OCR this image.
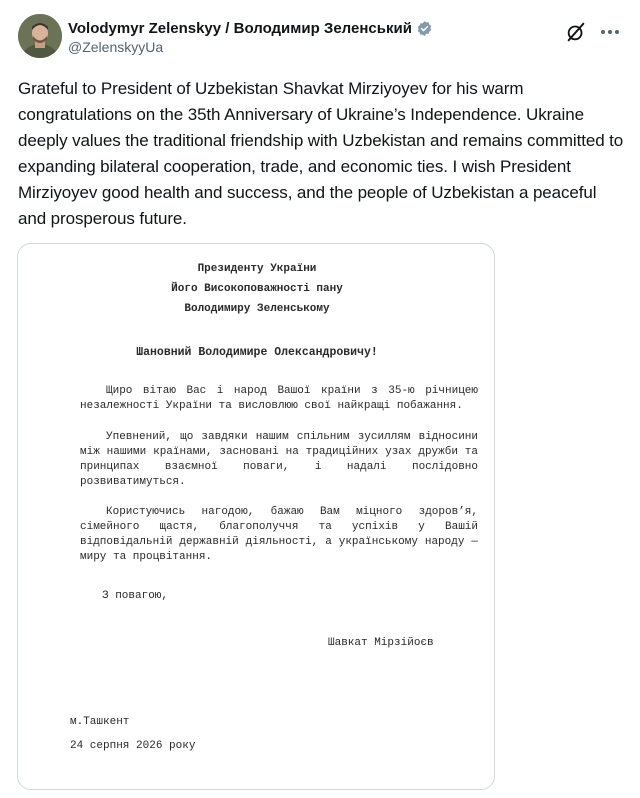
Volodymyr Zelenskyy / Володимир Зеленський
@ZelenskyyUa
Grateful to President of Uzbekistan Shavkat Mirziyoyev for his warm congratulations on the 35th Anniversary of Ukraine’s Independence. Ukraine deeply values the traditional friendship with Uzbekistan and remains committed to expanding bilateral cooperation, trade, and economic ties. I wish President Mirziyoyev good health and success, and the people of Uzbekistan a peaceful and prosperous future.
Президенту України
Його Високоповажності пану
Володимиру Зеленському
Шановний Володимире Олександровичу!
Щиро вітаю Вас і народ Вашої країни з 35-ю річницею незалежності України та висловлюю свої найкращі побажання.
Упевнений, що завдяки нашим спільним зусиллям відносини між нашими країнами, засновані на традиційних узах дружби та принципах взаємної поваги, і надалі послідовно розвиватимуться.
Користуючись нагодою, бажаю Вам міцного здоров’я, сімейного щастя, благополуччя та успіхів у Вашій відповідальній державній діяльності, а українському народу — миру та процвітання.
З повагою,
Шавкат Мірзійоєв
м.Ташкент
24 серпня 2026 року
